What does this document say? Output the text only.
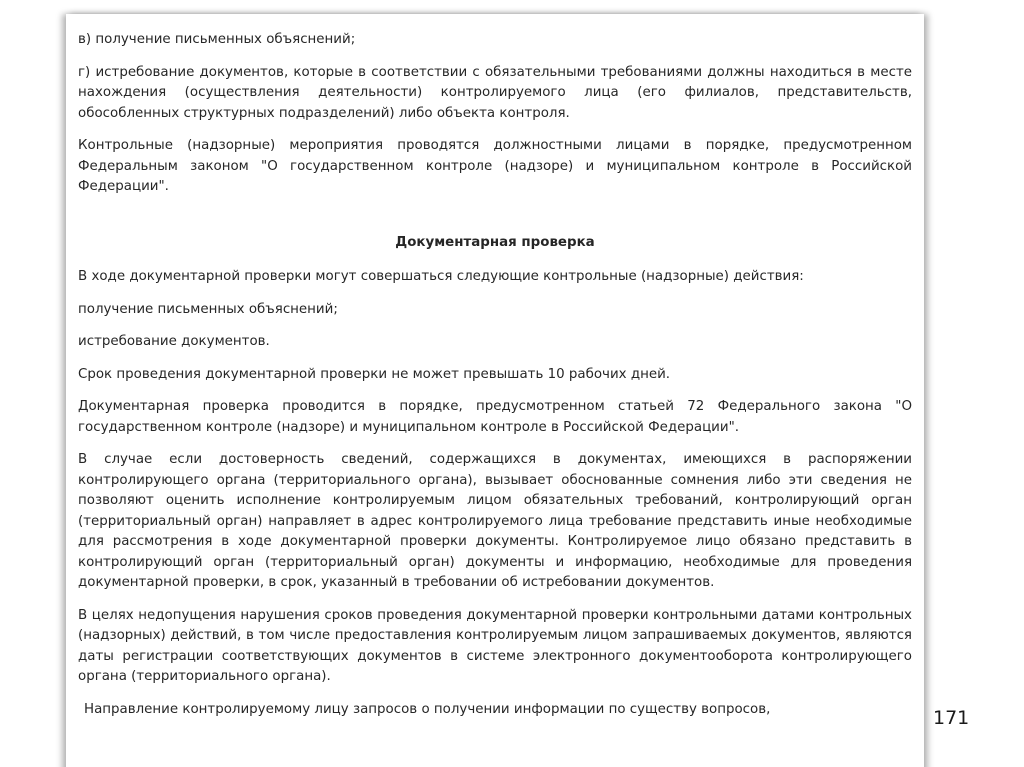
в) получение письменных объяснений;

г) истребование документов, которые в соответствии с обязательными требованиями должны находиться в месте нахождения (осуществления деятельности) контролируемого лица (его филиалов, представительств, обособленных структурных подразделений) либо объекта контроля.

Контрольные (надзорные) мероприятия проводятся должностными лицами в порядке, предусмотренном Федеральным законом "О государственном контроле (надзоре) и муниципальном контроле в Российской Федерации".

Документарная проверка

В ходе документарной проверки могут совершаться следующие контрольные (надзорные) действия:

получение письменных объяснений;

истребование документов.

Срок проведения документарной проверки не может превышать 10 рабочих дней.

Документарная проверка проводится в порядке, предусмотренном статьей 72 Федерального закона "О государственном контроле (надзоре) и муниципальном контроле в Российской Федерации".

В случае если достоверность сведений, содержащихся в документах, имеющихся в распоряжении контролирующего органа (территориального органа), вызывает обоснованные сомнения либо эти сведения не позволяют оценить исполнение контролируемым лицом обязательных требований, контролирующий орган (территориальный орган) направляет в адрес контролируемого лица требование представить иные необходимые для рассмотрения в ходе документарной проверки документы. Контролируемое лицо обязано представить в контролирующий орган (территориальный орган) документы и информацию, необходимые для проведения документарной проверки, в срок, указанный в требовании об истребовании документов.

В целях недопущения нарушения сроков проведения документарной проверки контрольными датами контрольных (надзорных) действий, в том числе предоставления контролируемым лицом запрашиваемых документов, являются даты регистрации соответствующих документов в системе электронного документооборота контролирующего органа (территориального органа).

Направление контролируемому лицу запросов о получении информации по существу вопросов,	171
